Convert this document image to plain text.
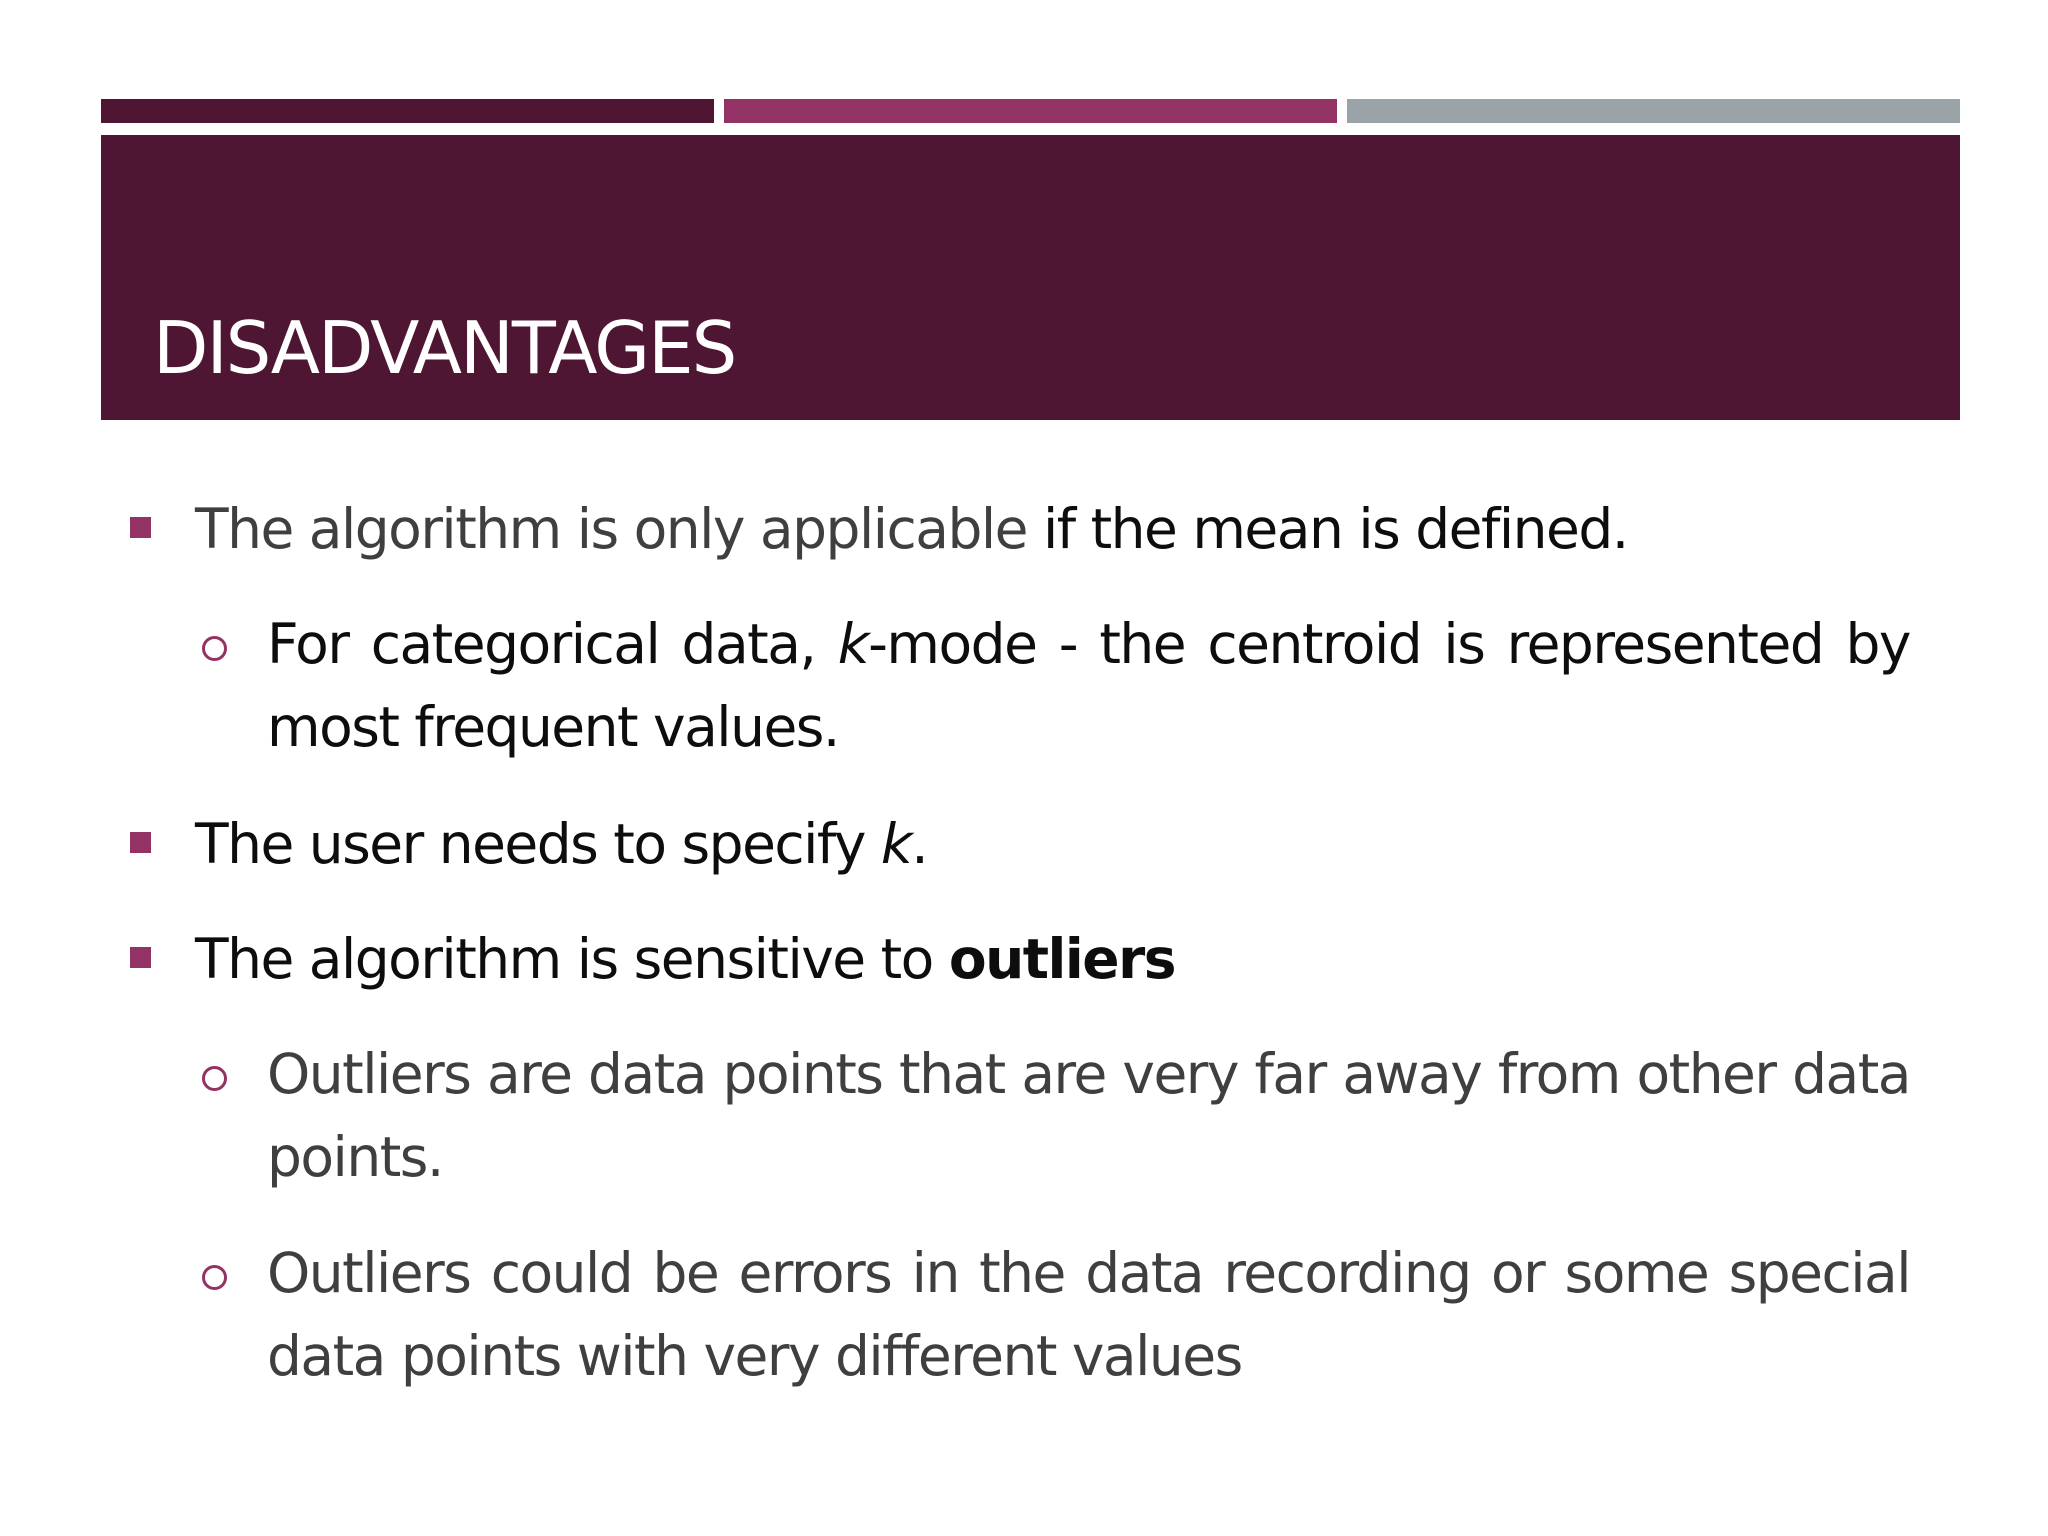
DISADVANTAGES
The algorithm is only applicable if the mean is defined.
For categorical data, k-mode - the centroid is represented by most frequent values.
The user needs to specify k.
The algorithm is sensitive to outliers
Outliers are data points that are very far away from other data points.
Outliers could be errors in the data recording or some special data points with very different values
